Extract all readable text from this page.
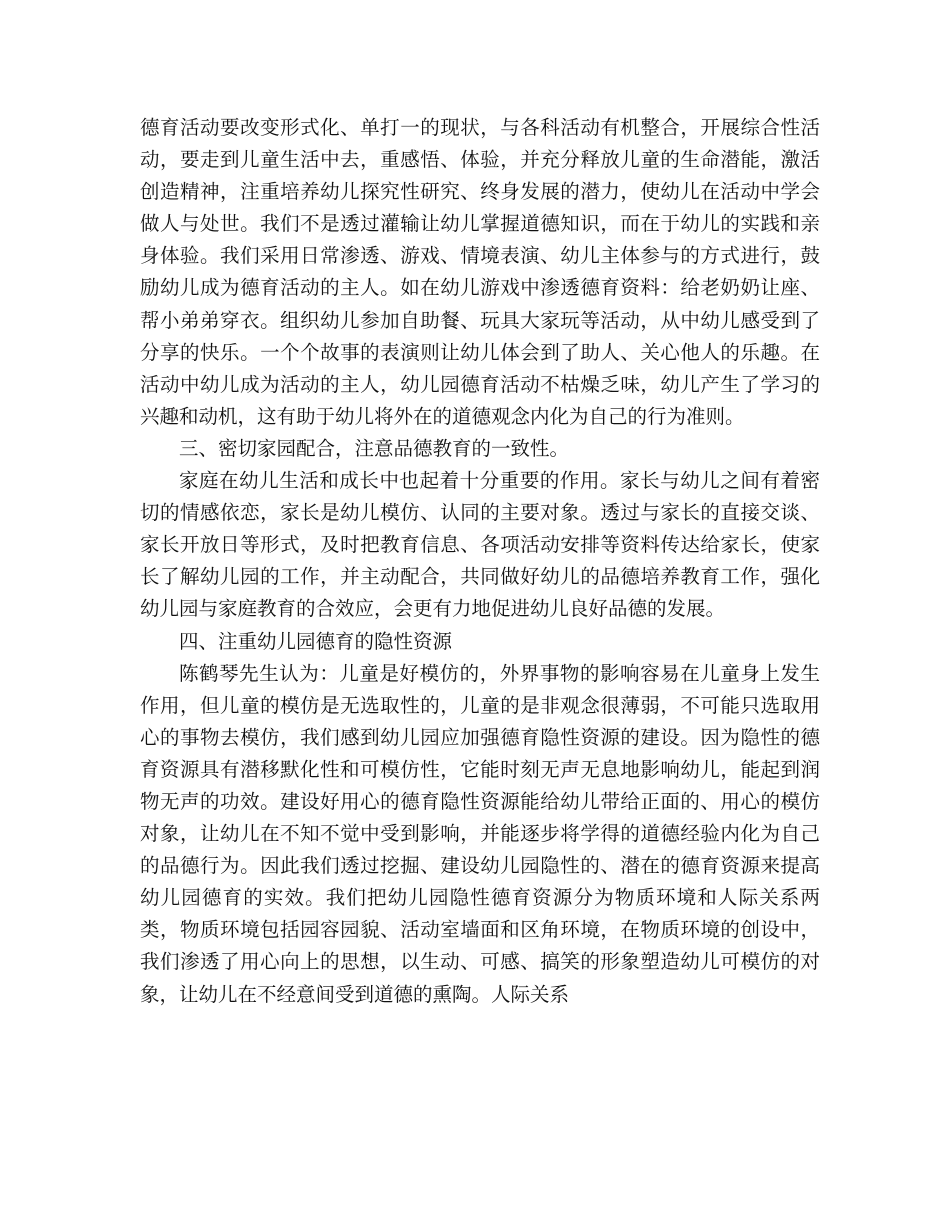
德育活动要改变形式化、单打一的现状，与各科活动有机整合，开展综合性活动，要走到儿童生活中去，重感悟、体验，并充分释放儿童的生命潜能，激活创造精神，注重培养幼儿探究性研究、终身发展的潜力，使幼儿在活动中学会做人与处世。我们不是透过灌输让幼儿掌握道德知识，而在于幼儿的实践和亲身体验。我们采用日常渗透、游戏、情境表演、幼儿主体参与的方式进行，鼓励幼儿成为德育活动的主人。如在幼儿游戏中渗透德育资料：给老奶奶让座、帮小弟弟穿衣。组织幼儿参加自助餐、玩具大家玩等活动，从中幼儿感受到了分享的快乐。一个个故事的表演则让幼儿体会到了助人、关心他人的乐趣。在活动中幼儿成为活动的主人，幼儿园德育活动不枯燥乏味，幼儿产生了学习的兴趣和动机，这有助于幼儿将外在的道德观念内化为自己的行为准则。

三、密切家园配合，注意品德教育的一致性。

家庭在幼儿生活和成长中也起着十分重要的作用。家长与幼儿之间有着密切的情感依恋，家长是幼儿模仿、认同的主要对象。透过与家长的直接交谈、家长开放日等形式，及时把教育信息、各项活动安排等资料传达给家长，使家长了解幼儿园的工作，并主动配合，共同做好幼儿的品德培养教育工作，强化幼儿园与家庭教育的合效应，会更有力地促进幼儿良好品德的发展。

四、注重幼儿园德育的隐性资源

陈鹤琴先生认为：儿童是好模仿的，外界事物的影响容易在儿童身上发生作用，但儿童的模仿是无选取性的，儿童的是非观念很薄弱，不可能只选取用心的事物去模仿，我们感到幼儿园应加强德育隐性资源的建设。因为隐性的德育资源具有潜移默化性和可模仿性，它能时刻无声无息地影响幼儿，能起到润物无声的功效。建设好用心的德育隐性资源能给幼儿带给正面的、用心的模仿对象，让幼儿在不知不觉中受到影响，并能逐步将学得的道德经验内化为自己的品德行为。因此我们透过挖掘、建设幼儿园隐性的、潜在的德育资源来提高幼儿园德育的实效。我们把幼儿园隐性德育资源分为物质环境和人际关系两类，物质环境包括园容园貌、活动室墙面和区角环境，在物质环境的创设中，我们渗透了用心向上的思想，以生动、可感、搞笑的形象塑造幼儿可模仿的对象，让幼儿在不经意间受到道德的熏陶。人际关系
